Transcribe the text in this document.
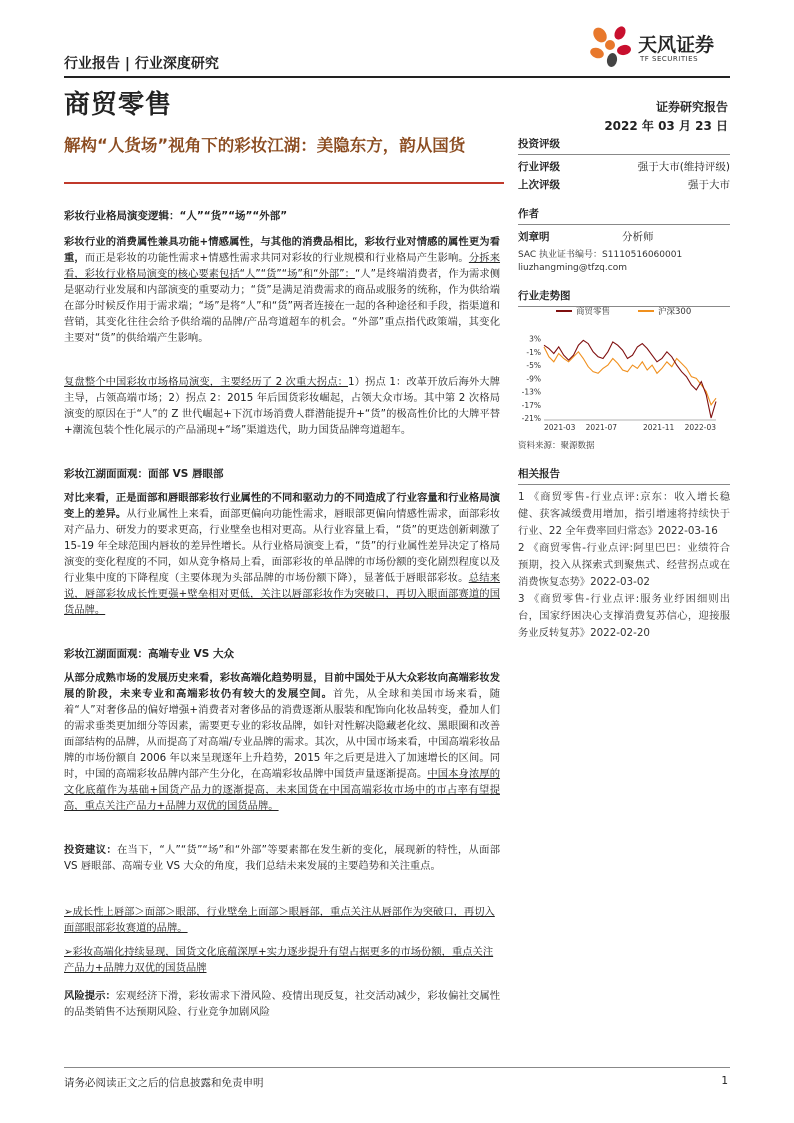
行业报告 | 行业深度研究
商贸零售
天风证券
TF SECURITIES
证券研究报告
2022 年 03 月 23 日
解构“人货场”视角下的彩妆江湖：美隐东方，韵从国货
彩妆行业格局演变逻辑：“人”“货”“场”“外部”
彩妆行业的消费属性兼具功能+情感属性，与其他的消费品相比，彩妆行业对情感的属性更为看重，而正是彩妆的功能性需求+情感性需求共同对彩妆的行业规模和行业格局产生影响。分拆来看，彩妆行业格局演变的核心要素包括“人”“货”“场”和“外部”：“人”是终端消费者，作为需求侧是驱动行业发展和内部演变的重要动力；“货”是满足消费需求的商品或服务的统称，作为供给端在部分时候反作用于需求端；“场”是将“人”和“货”两者连接在一起的各种途径和手段，指渠道和营销，其变化往往会给予供给端的品牌/产品弯道超车的机会。“外部”重点指代政策端，其变化主要对“货”的供给端产生影响。
复盘整个中国彩妆市场格局演变，主要经历了 2 次重大拐点：1）拐点 1：改革开放后海外大牌主导，占领高端市场；2）拐点 2：2015 年后国货彩妆崛起，占领大众市场。其中第 2 次格局演变的原因在于“人”的 Z 世代崛起+下沉市场消费人群潜能提升+“货”的极高性价比的大牌平替+潮流包装个性化展示的产品涌现+“场”渠道迭代，助力国货品牌弯道超车。
彩妆江湖面面观：面部 VS 唇眼部
对比来看，正是面部和唇眼部彩妆行业属性的不同和驱动力的不同造成了行业容量和行业格局演变上的差异。从行业属性上来看，面部更偏向功能性需求，唇眼部更偏向情感性需求，面部彩妆对产品力、研发力的要求更高，行业壁垒也相对更高。从行业容量上看，“货”的更迭创新刺激了 15-19 年全球范围内唇妆的差异性增长。从行业格局演变上看，“货”的行业属性差异决定了格局演变的变化程度的不同，如从竞争格局上看，面部彩妆的单品牌的市场份额的变化剧烈程度以及行业集中度的下降程度（主要体现为头部品牌的市场份额下降），显著低于唇眼部彩妆。总结来说，唇部彩妆成长性更强+壁垒相对更低，关注以唇部彩妆作为突破口，再切入眼面部赛道的国货品牌。
彩妆江湖面面观：高端专业 VS 大众
从部分成熟市场的发展历史来看，彩妆高端化趋势明显，目前中国处于从大众彩妆向高端彩妆发展的阶段，未来专业和高端彩妆仍有较大的发展空间。首先，从全球和美国市场来看，随着“人”对奢侈品的偏好增强+消费者对奢侈品的消费逐渐从服装和配饰向化妆品转变，叠加人们的需求垂类更加细分等因素，需要更专业的彩妆品牌，如针对性解决隐藏老化纹、黑眼圈和改善面部结构的品牌，从而提高了对高端/专业品牌的需求。其次，从中国市场来看，中国高端彩妆品牌的市场份额自 2006 年以来呈现逐年上升趋势，2015 年之后更是进入了加速增长的区间。同时，中国的高端彩妆品牌内部产生分化，在高端彩妆品牌中国货声量逐渐提高。中国本身浓厚的文化底蕴作为基础+国货产品力的逐渐提高，未来国货在中国高端彩妆市场中的市占率有望提高，重点关注产品力+品牌力双优的国货品牌。
投资建议：在当下，“人”“货”“场”和“外部”等要素都在发生新的变化，展现新的特性，从面部 VS 唇眼部、高端专业 VS 大众的角度，我们总结未来发展的主要趋势和关注重点。
➢成长性上唇部＞面部＞眼部，行业壁垒上面部＞眼唇部，重点关注从唇部作为突破口，再切入面部眼部彩妆赛道的品牌。
➢彩妆高端化持续显现，国货文化底蕴深厚+实力逐步提升有望占据更多的市场份额，重点关注产品力+品牌力双优的国货品牌
风险提示：宏观经济下滑，彩妆需求下滑风险、疫情出现反复，社交活动减少，彩妆偏社交属性的品类销售不达预期风险、行业竞争加剧风险
投资评级
行业评级	强于大市(维持评级)
上次评级	强于大市
作者
刘章明	分析师
SAC 执业证书编号：S1110516060001
liuzhangming@tfzq.com
行业走势图
商贸零售	沪深300
3%
-1%
-5%
-9%
-13%
-17%
-21%
2021-03 2021-07	2021-11 2022-03
资料来源：聚源数据
相关报告
1 《商贸零售-行业点评:京东：收入增长稳健、获客减缓费用增加，指引增速将持续快于行业、22 全年费率回归常态》2022-03-16
2 《商贸零售-行业点评:阿里巴巴：业绩符合预期，投入从探索式到聚焦式、经营拐点或在消费恢复态势》2022-03-02
3 《商贸零售-行业点评:服务业纾困细则出台，国家纾困决心支撑消费复苏信心，迎接服务业反转复苏》2022-02-20
请务必阅读正文之后的信息披露和免责申明	1
